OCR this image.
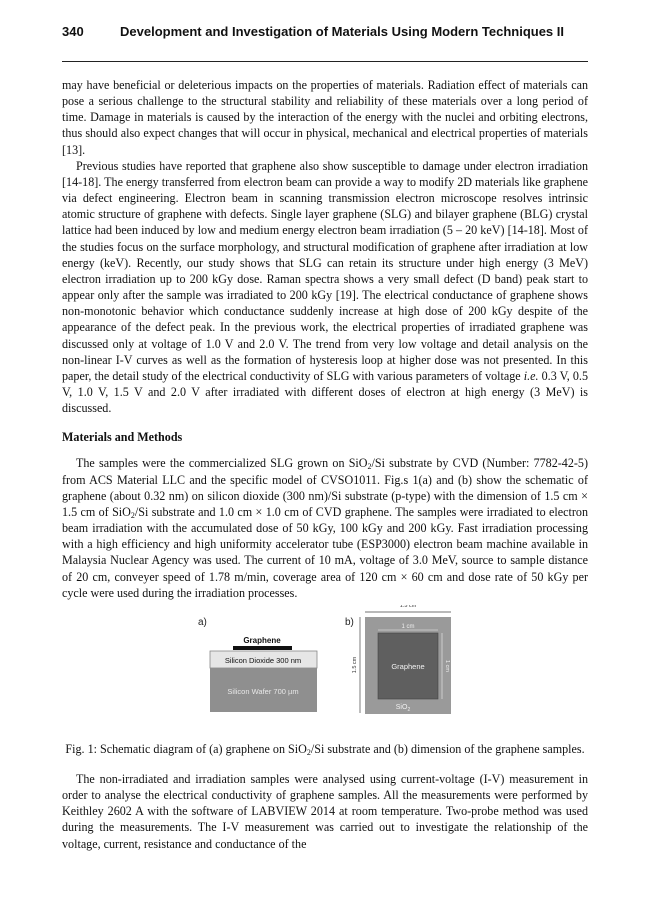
340	Development and Investigation of Materials Using Modern Techniques II

may have beneficial or deleterious impacts on the properties of materials. Radiation effect of materials can pose a serious challenge to the structural stability and reliability of these materials over a long period of time. Damage in materials is caused by the interaction of the energy with the nuclei and orbiting electrons, thus should also expect changes that will occur in physical, mechanical and electrical properties of materials [13].

Previous studies have reported that graphene also show susceptible to damage under electron irradiation [14-18]. The energy transferred from electron beam can provide a way to modify 2D materials like graphene via defect engineering. Electron beam in scanning transmission electron microscope resolves intrinsic atomic structure of graphene with defects. Single layer graphene (SLG) and bilayer graphene (BLG) crystal lattice had been induced by low and medium energy electron beam irradiation (5 – 20 keV) [14-18]. Most of the studies focus on the surface morphology, and structural modification of graphene after irradiation at low energy (keV). Recently, our study shows that SLG can retain its structure under high energy (3 MeV) electron irradiation up to 200 kGy dose. Raman spectra shows a very small defect (D band) peak start to appear only after the sample was irradiated to 200 kGy [19]. The electrical conductance of graphene shows non-monotonic behavior which conductance suddenly increase at high dose of 200 kGy despite of the appearance of the defect peak. In the previous work, the electrical properties of irradiated graphene was discussed only at voltage of 1.0 V and 2.0 V. The trend from very low voltage and detail analysis on the non-linear I-V curves as well as the formation of hysteresis loop at higher dose was not presented. In this paper, the detail study of the electrical conductivity of SLG with various parameters of voltage i.e. 0.3 V, 0.5 V, 1.0 V, 1.5 V and 2.0 V after irradiated with different doses of electron at high energy (3 MeV) is discussed.

Materials and Methods

The samples were the commercialized SLG grown on SiO$_2$/Si substrate by CVD (Number: 7782-42-5) from ACS Material LLC and the specific model of CVSO1011. Fig.s 1(a) and (b) show the schematic of graphene (about 0.32 nm) on silicon dioxide (300 nm)/Si substrate (p-type) with the dimension of 1.5 cm × 1.5 cm of SiO$_2$/Si substrate and 1.0 cm × 1.0 cm of CVD graphene. The samples were irradiated to electron beam irradiation with the accumulated dose of 50 kGy, 100 kGy and 200 kGy. Fast irradiation processing with a high efficiency and high uniformity accelerator tube (ESP3000) electron beam machine available in Malaysia Nuclear Agency was used. The current of 10 mA, voltage of 3.0 MeV, source to sample distance of 20 cm, conveyer speed of 1.78 m/min, coverage area of 120 cm × 60 cm and dose rate of 50 kGy per cycle were used during the irradiation processes.

a)
Graphene
Silicon Dioxide 300 nm
Silicon Wafer 700 µm
b)
1.5 cm
1.5 cm
1 cm
Graphene	1 cm
SiO$_2$

Fig. 1: Schematic diagram of (a) graphene on SiO$_2$/Si substrate and (b) dimension of the graphene samples.

The non-irradiated and irradiation samples were analysed using current-voltage (I-V) measurement in order to analyse the electrical conductivity of graphene samples. All the measurements were performed by Keithley 2602 A with the software of LABVIEW 2014 at room temperature. Two-probe method was used during the measurements. The I-V measurement was carried out to investigate the relationship of the voltage, current, resistance and conductance of the
